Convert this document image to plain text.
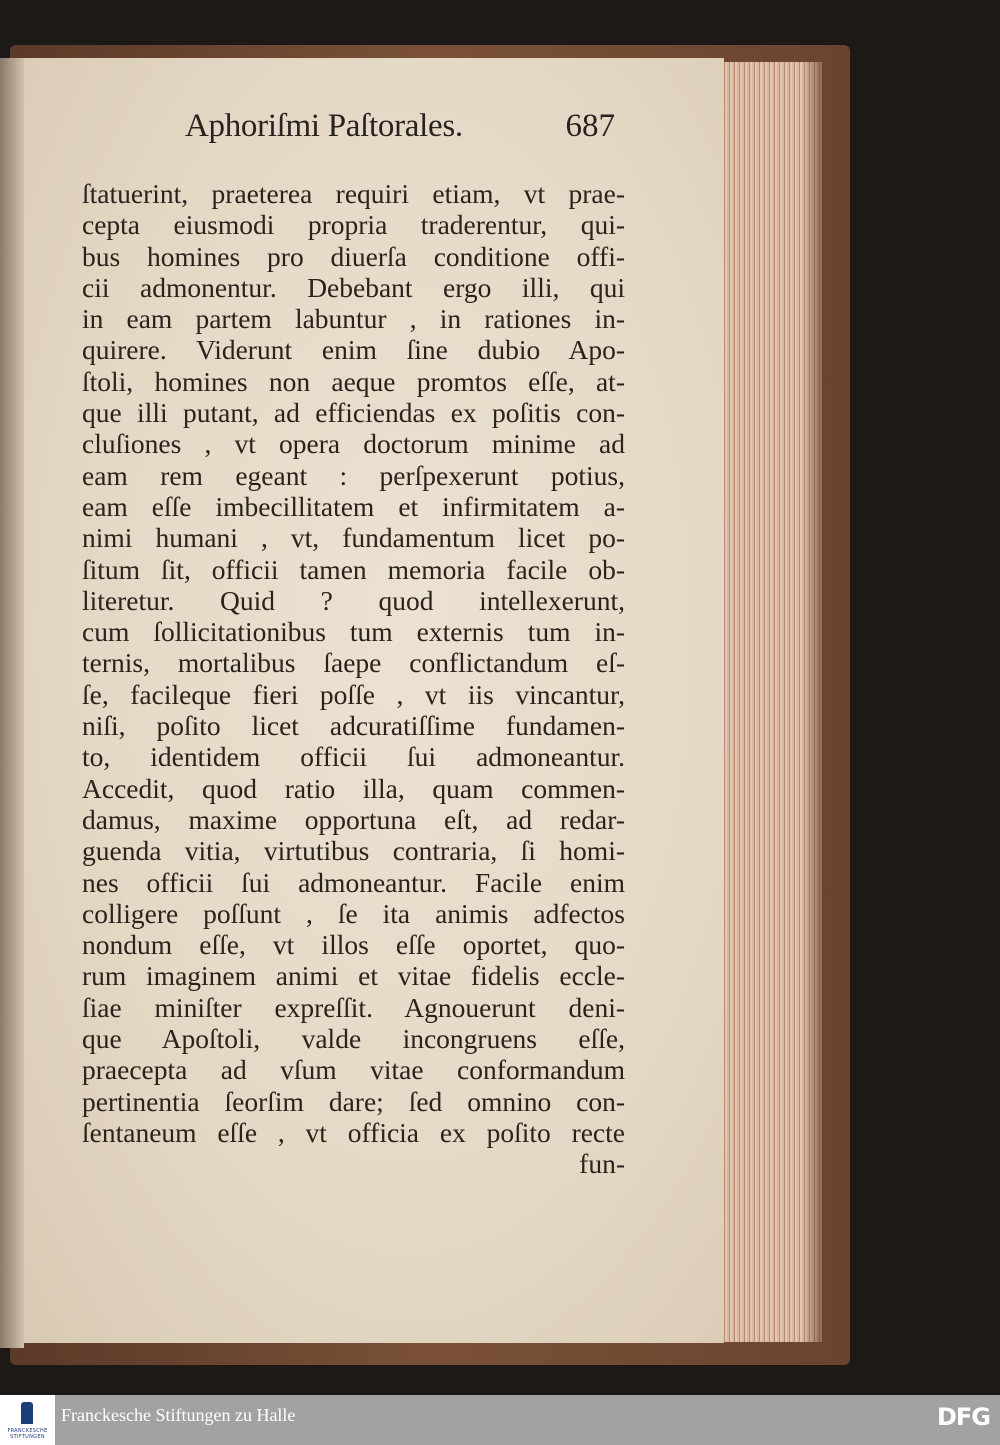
Aphoriſmi Paſtorales.	687
ſtatuerint, praeterea requiri etiam, vt prae-
cepta eiusmodi propria traderentur, qui-
bus homines pro diuerſa conditione offi-
cii admonentur. Debebant ergo illi, qui
in eam partem labuntur , in rationes in-
quirere. Viderunt enim ſine dubio Apo-
ſtoli, homines non aeque promtos eſſe, at-
que illi putant, ad efficiendas ex poſitis con-
cluſiones , vt opera doctorum minime ad
eam rem egeant : perſpexerunt potius,
eam eſſe imbecillitatem et infirmitatem a-
nimi humani , vt, fundamentum licet po-
ſitum ſit, officii tamen memoria facile ob-
literetur. Quid ? quod intellexerunt,
cum ſollicitationibus tum externis tum in-
ternis, mortalibus ſaepe conflictandum eſ-
ſe, facileque fieri poſſe , vt iis vincantur,
niſi, poſito licet adcuratiſſime fundamen-
to, identidem officii ſui admoneantur.
Accedit, quod ratio illa, quam commen-
damus, maxime opportuna eſt, ad redar-
guenda vitia, virtutibus contraria, ſi homi-
nes officii ſui admoneantur. Facile enim
colligere poſſunt , ſe ita animis adfectos
nondum eſſe, vt illos eſſe oportet, quo-
rum imaginem animi et vitae fidelis eccle-
ſiae miniſter expreſſit. Agnouerunt deni-
que Apoſtoli, valde incongruens eſſe,
praecepta ad vſum vitae conformandum
pertinentia ſeorſim dare; ſed omnino con-
ſentaneum eſſe , vt officia ex poſito recte
fun-
FRANCKESCHE
STIFTUNGEN
Franckesche Stiftungen zu Halle	DFG
